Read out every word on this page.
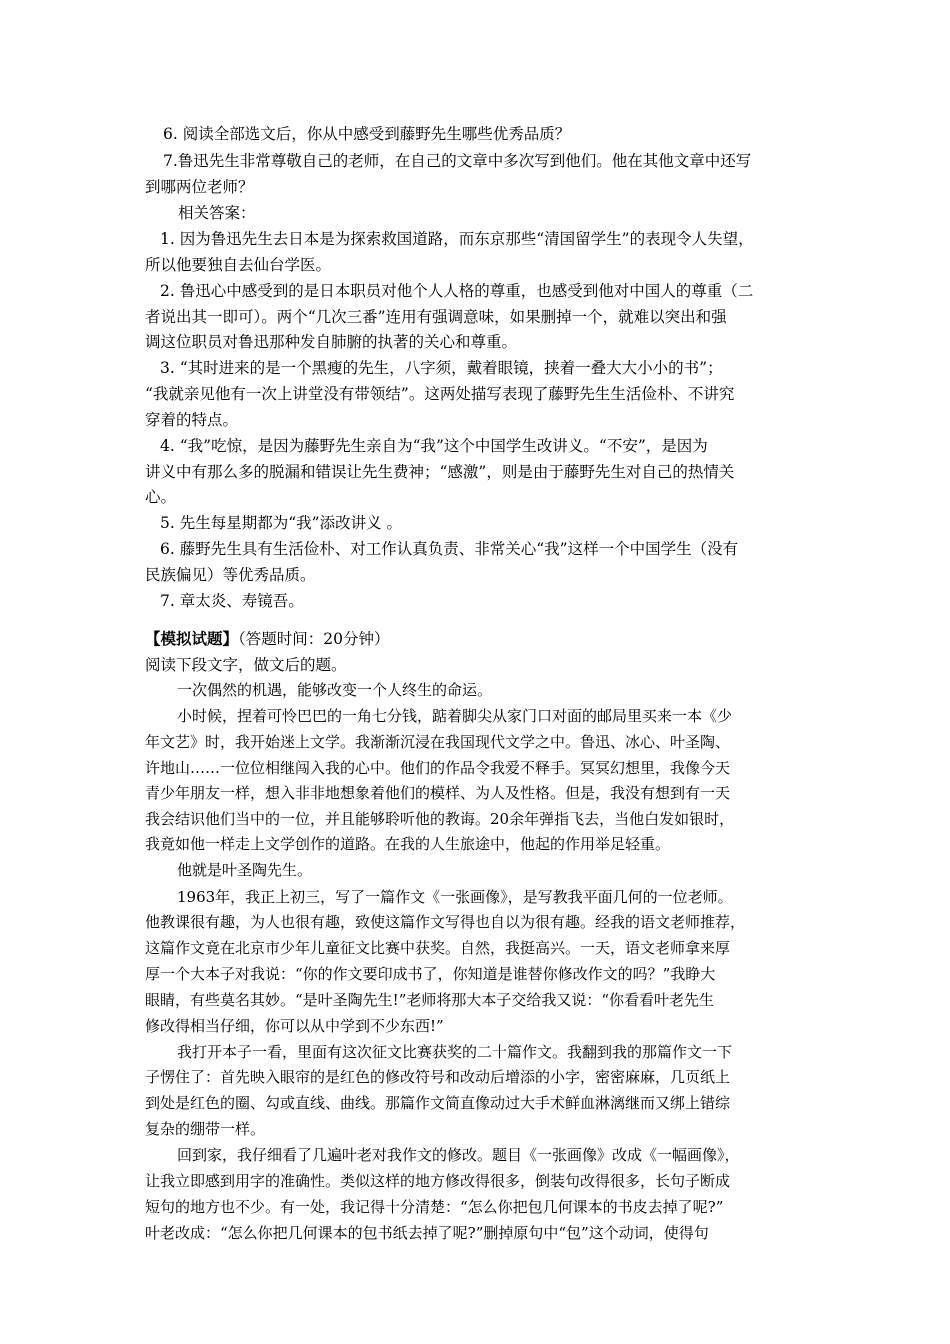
6. 阅读全部选文后，你从中感受到藤野先生哪些优秀品质？
7.鲁迅先生非常尊敬自己的老师，在自己的文章中多次写到他们。他在其他文章中还写
到哪两位老师？
相关答案：
1. 因为鲁迅先生去日本是为探索救国道路，而东京那些“清国留学生”的表现令人失望，
所以他要独自去仙台学医。
2. 鲁迅心中感受到的是日本职员对他个人人格的尊重，也感受到他对中国人的尊重（二
者说出其一即可）。两个“几次三番”连用有强调意味，如果删掉一个，就难以突出和强
调这位职员对鲁迅那种发自肺腑的执著的关心和尊重。
3. “其时进来的是一个黑瘦的先生，八字须，戴着眼镜，挟着一叠大大小小的书”；
“我就亲见他有一次上讲堂没有带领结”。这两处描写表现了藤野先生生活俭朴、不讲究
穿着的特点。
4. “我”吃惊，是因为藤野先生亲自为“我”这个中国学生改讲义。“不安”，是因为
讲义中有那么多的脱漏和错误让先生费神；“感激”，则是由于藤野先生对自己的热情关
心。
5. 先生每星期都为“我”添改讲义 。
6. 藤野先生具有生活俭朴、对工作认真负责、非常关心“我”这样一个中国学生（没有
民族偏见）等优秀品质。
7. 章太炎、寿镜吾。
【模拟试题】（答题时间：20分钟）
阅读下段文字，做文后的题。
一次偶然的机遇，能够改变一个人终生的命运。
小时候，捏着可怜巴巴的一角七分钱，踮着脚尖从家门口对面的邮局里买来一本《少
年文艺》时，我开始迷上文学。我渐渐沉浸在我国现代文学之中。鲁迅、冰心、叶圣陶、
许地山……一位位相继闯入我的心中。他们的作品令我爱不释手。冥冥幻想里，我像今天
青少年朋友一样，想入非非地想象着他们的模样、为人及性格。但是，我没有想到有一天
我会结识他们当中的一位，并且能够聆听他的教诲。20余年弹指飞去，当他白发如银时，
我竟如他一样走上文学创作的道路。在我的人生旅途中，他起的作用举足轻重。
他就是叶圣陶先生。
1963年，我正上初三，写了一篇作文《一张画像》，是写教我平面几何的一位老师。
他教课很有趣，为人也很有趣，致使这篇作文写得也自以为很有趣。经我的语文老师推荐，
这篇作文竟在北京市少年儿童征文比赛中获奖。自然，我挺高兴。一天，语文老师拿来厚
厚一个大本子对我说：“你的作文要印成书了，你知道是谁替你修改作文的吗？”我睁大
眼睛，有些莫名其妙。“是叶圣陶先生!”老师将那大本子交给我又说：“你看看叶老先生
修改得相当仔细，你可以从中学到不少东西!”
我打开本子一看，里面有这次征文比赛获奖的二十篇作文。我翻到我的那篇作文一下
子愣住了：首先映入眼帘的是红色的修改符号和改动后增添的小字，密密麻麻，几页纸上
到处是红色的圈、勾或直线、曲线。那篇作文简直像动过大手术鲜血淋漓继而又绑上错综
复杂的绷带一样。
回到家，我仔细看了几遍叶老对我作文的修改。题目《一张画像》改成《一幅画像》，
让我立即感到用字的准确性。类似这样的地方修改得很多，倒装句改得很多，长句子断成
短句的地方也不少。有一处，我记得十分清楚：“怎么你把包几何课本的书皮去掉了呢?”
叶老改成：“怎么你把几何课本的包书纸去掉了呢?”删掉原句中“包”这个动词，使得句
